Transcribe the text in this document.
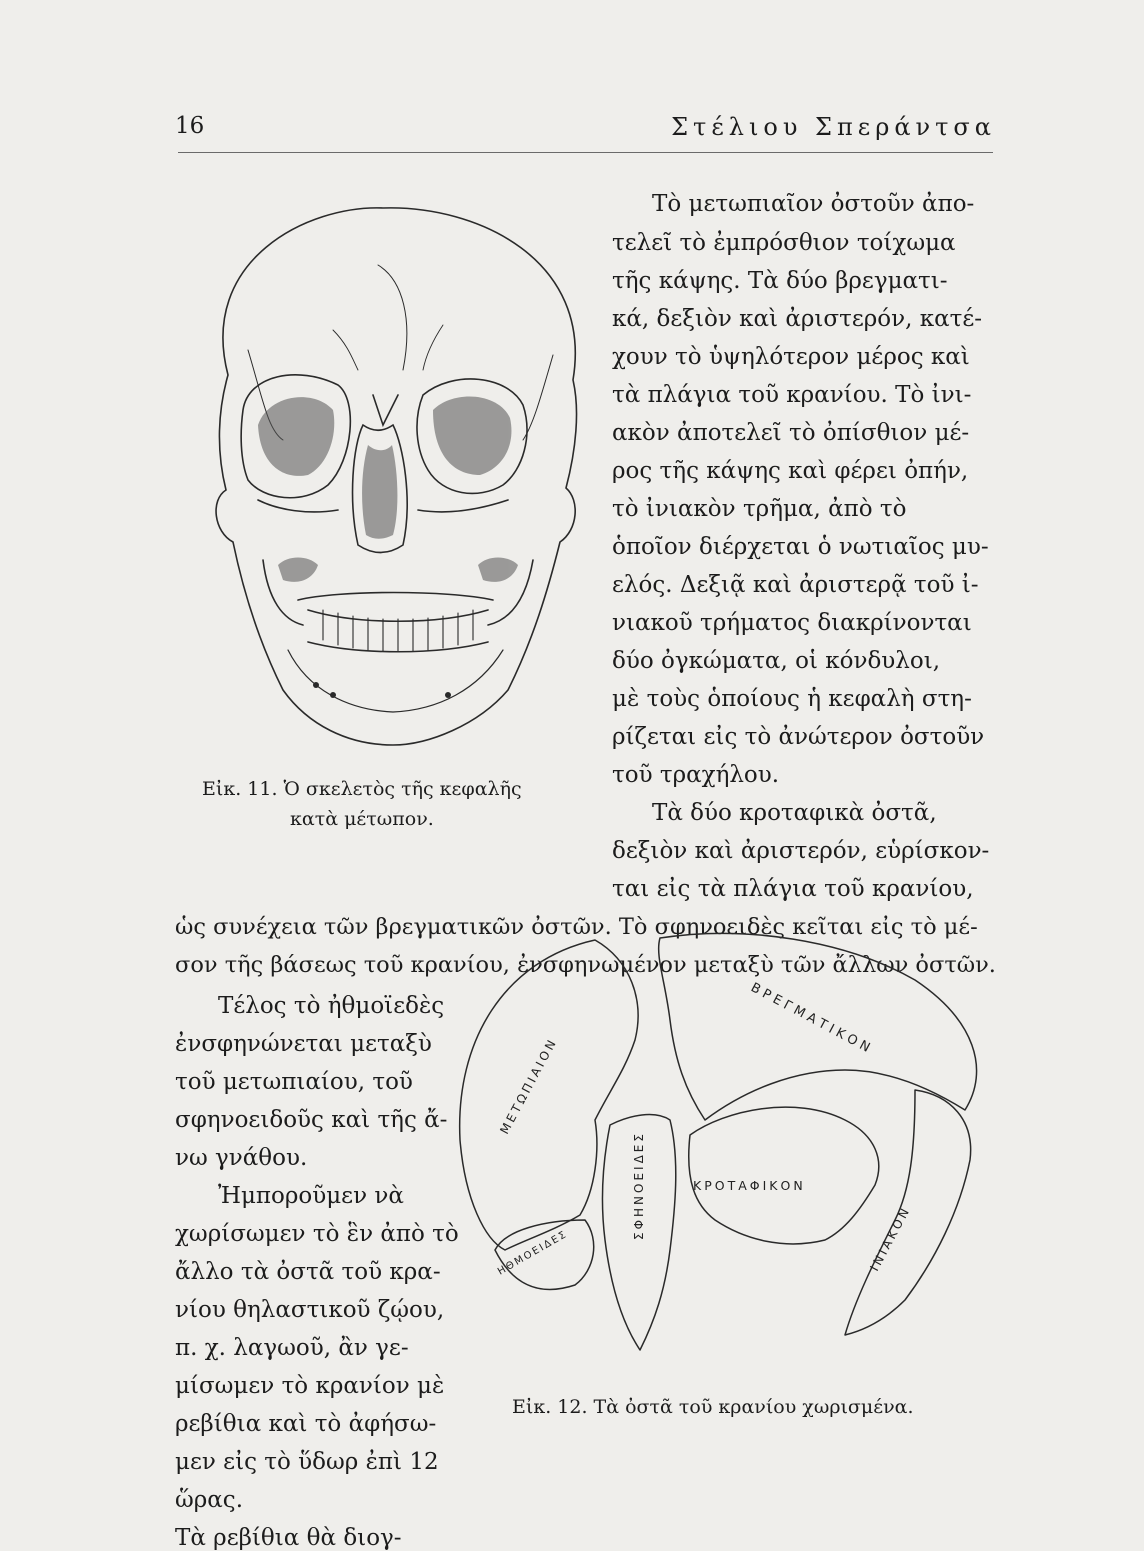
16	Στέλιου Σπεράντσα
Τὸ μετωπιαῖον ὀστοῦν ἀπο-
τελεῖ τὸ ἐμπρόσθιον τοίχωμα
τῆς κάψης. Τὰ δύο βρεγματι-
κά, δεξιὸν καὶ ἀριστερόν, κατέ-
χουν τὸ ὑψηλότερον μέρος καὶ
τὰ πλάγια τοῦ κρανίου. Τὸ ἰνι-
ακὸν ἀποτελεῖ τὸ ὀπίσθιον μέ-
ρος τῆς κάψης καὶ φέρει ὀπήν,
τὸ ἰνιακὸν τρῆμα, ἀπὸ τὸ
ὁποῖον διέρχεται ὁ νωτιαῖος μυ-
ελός. Δεξιᾷ καὶ ἀριστερᾷ τοῦ ἰ-
νιακοῦ τρήματος διακρίνονται
δύο ὀγκώματα, οἱ κόνδυλοι,
μὲ τοὺς ὁποίους ἡ κεφαλὴ στη-
ρίζεται εἰς τὸ ἀνώτερον ὀστοῦν
τοῦ τραχήλου.
Εἰκ. 11. Ὁ σκελετὸς τῆς κεφαλῆς
κατὰ μέτωπον.	Τὰ δύο κροταφικὰ ὀστᾶ,
δεξιὸν καὶ ἀριστερόν, εὑρίσκον-
ται εἰς τὰ πλάγια τοῦ κρανίου,
ὡς συνέχεια τῶν βρεγματικῶν ὀστῶν. Τὸ σφηνοειδὲς κεῖται εἰς τὸ μέ-
σον τῆς βάσεως τοῦ κρανίου, ἐνσφηνωμένον μεταξὺ τῶν ἄλλων ὀστῶν.
Τέλος τὸ ἠθμοϊεδὲς
ἐνσφηνώνεται μεταξὺ
τοῦ μετωπιαίου, τοῦ
σφηνοειδοῦς καὶ τῆς ἄ-
νω γνάθου.
Ἠμποροῦμεν νὰ
χωρίσωμεν τὸ ἓν ἀπὸ τὸ
ἄλλο τὰ ὀστᾶ τοῦ κρα-
νίου θηλαστικοῦ ζῴου,
π. χ. λαγωοῦ, ἂν γε-
μίσωμεν τὸ κρανίον μὲ
ρεβίθια καὶ τὸ ἀφήσω-
μεν εἰς τὸ ὕδωρ ἐπὶ 12
ὥρας.
Τὰ ρεβίθια θὰ διογ-
ΒΡΕΓΜΑΤΙΚΟΝ
ΜΕΤΩΠΙΑΙΟΝ
ΣΦΗΝΟΕΙΔΕΣ	ΚΡΟΤΑΦΙΚΟΝ
ΙΝΙΑΚΟΝ
ΗΘΜΟΕΙΔΕΣ
Εἰκ. 12. Τὰ ὀστᾶ τοῦ κρανίου χωρισμένα.
